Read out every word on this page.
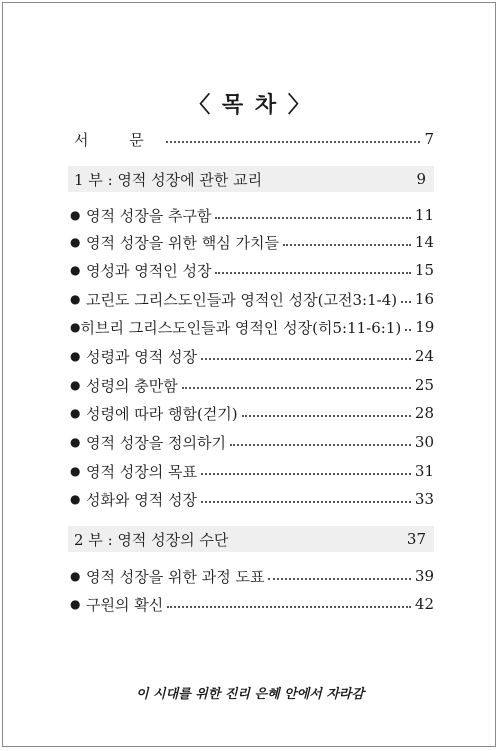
〈 목 차 〉
서 문	7
1 부 : 영적 성장에 관한 교리	9
● 영적 성장을 추구함	11
● 영적 성장을 위한 핵심 가치들	14
● 영성과 영적인 성장	15
● 고린도 그리스도인들과 영적인 성장(고전3:1-4) 16
● 히브리 그리스도인들과 영적인 성장(히5:11-6:1) 19
● 성령과 영적 성장	24
● 성령의 충만함	25
● 성령에 따라 행함(걷기)	28
● 영적 성장을 정의하기	30
● 영적 성장의 목표	31
● 성화와 영적 성장	33
2 부 : 영적 성장의 수단	37
● 영적 성장을 위한 과정 도표	39
● 구원의 확신	42
이 시대를 위한 진리 은혜 안에서 자라감
